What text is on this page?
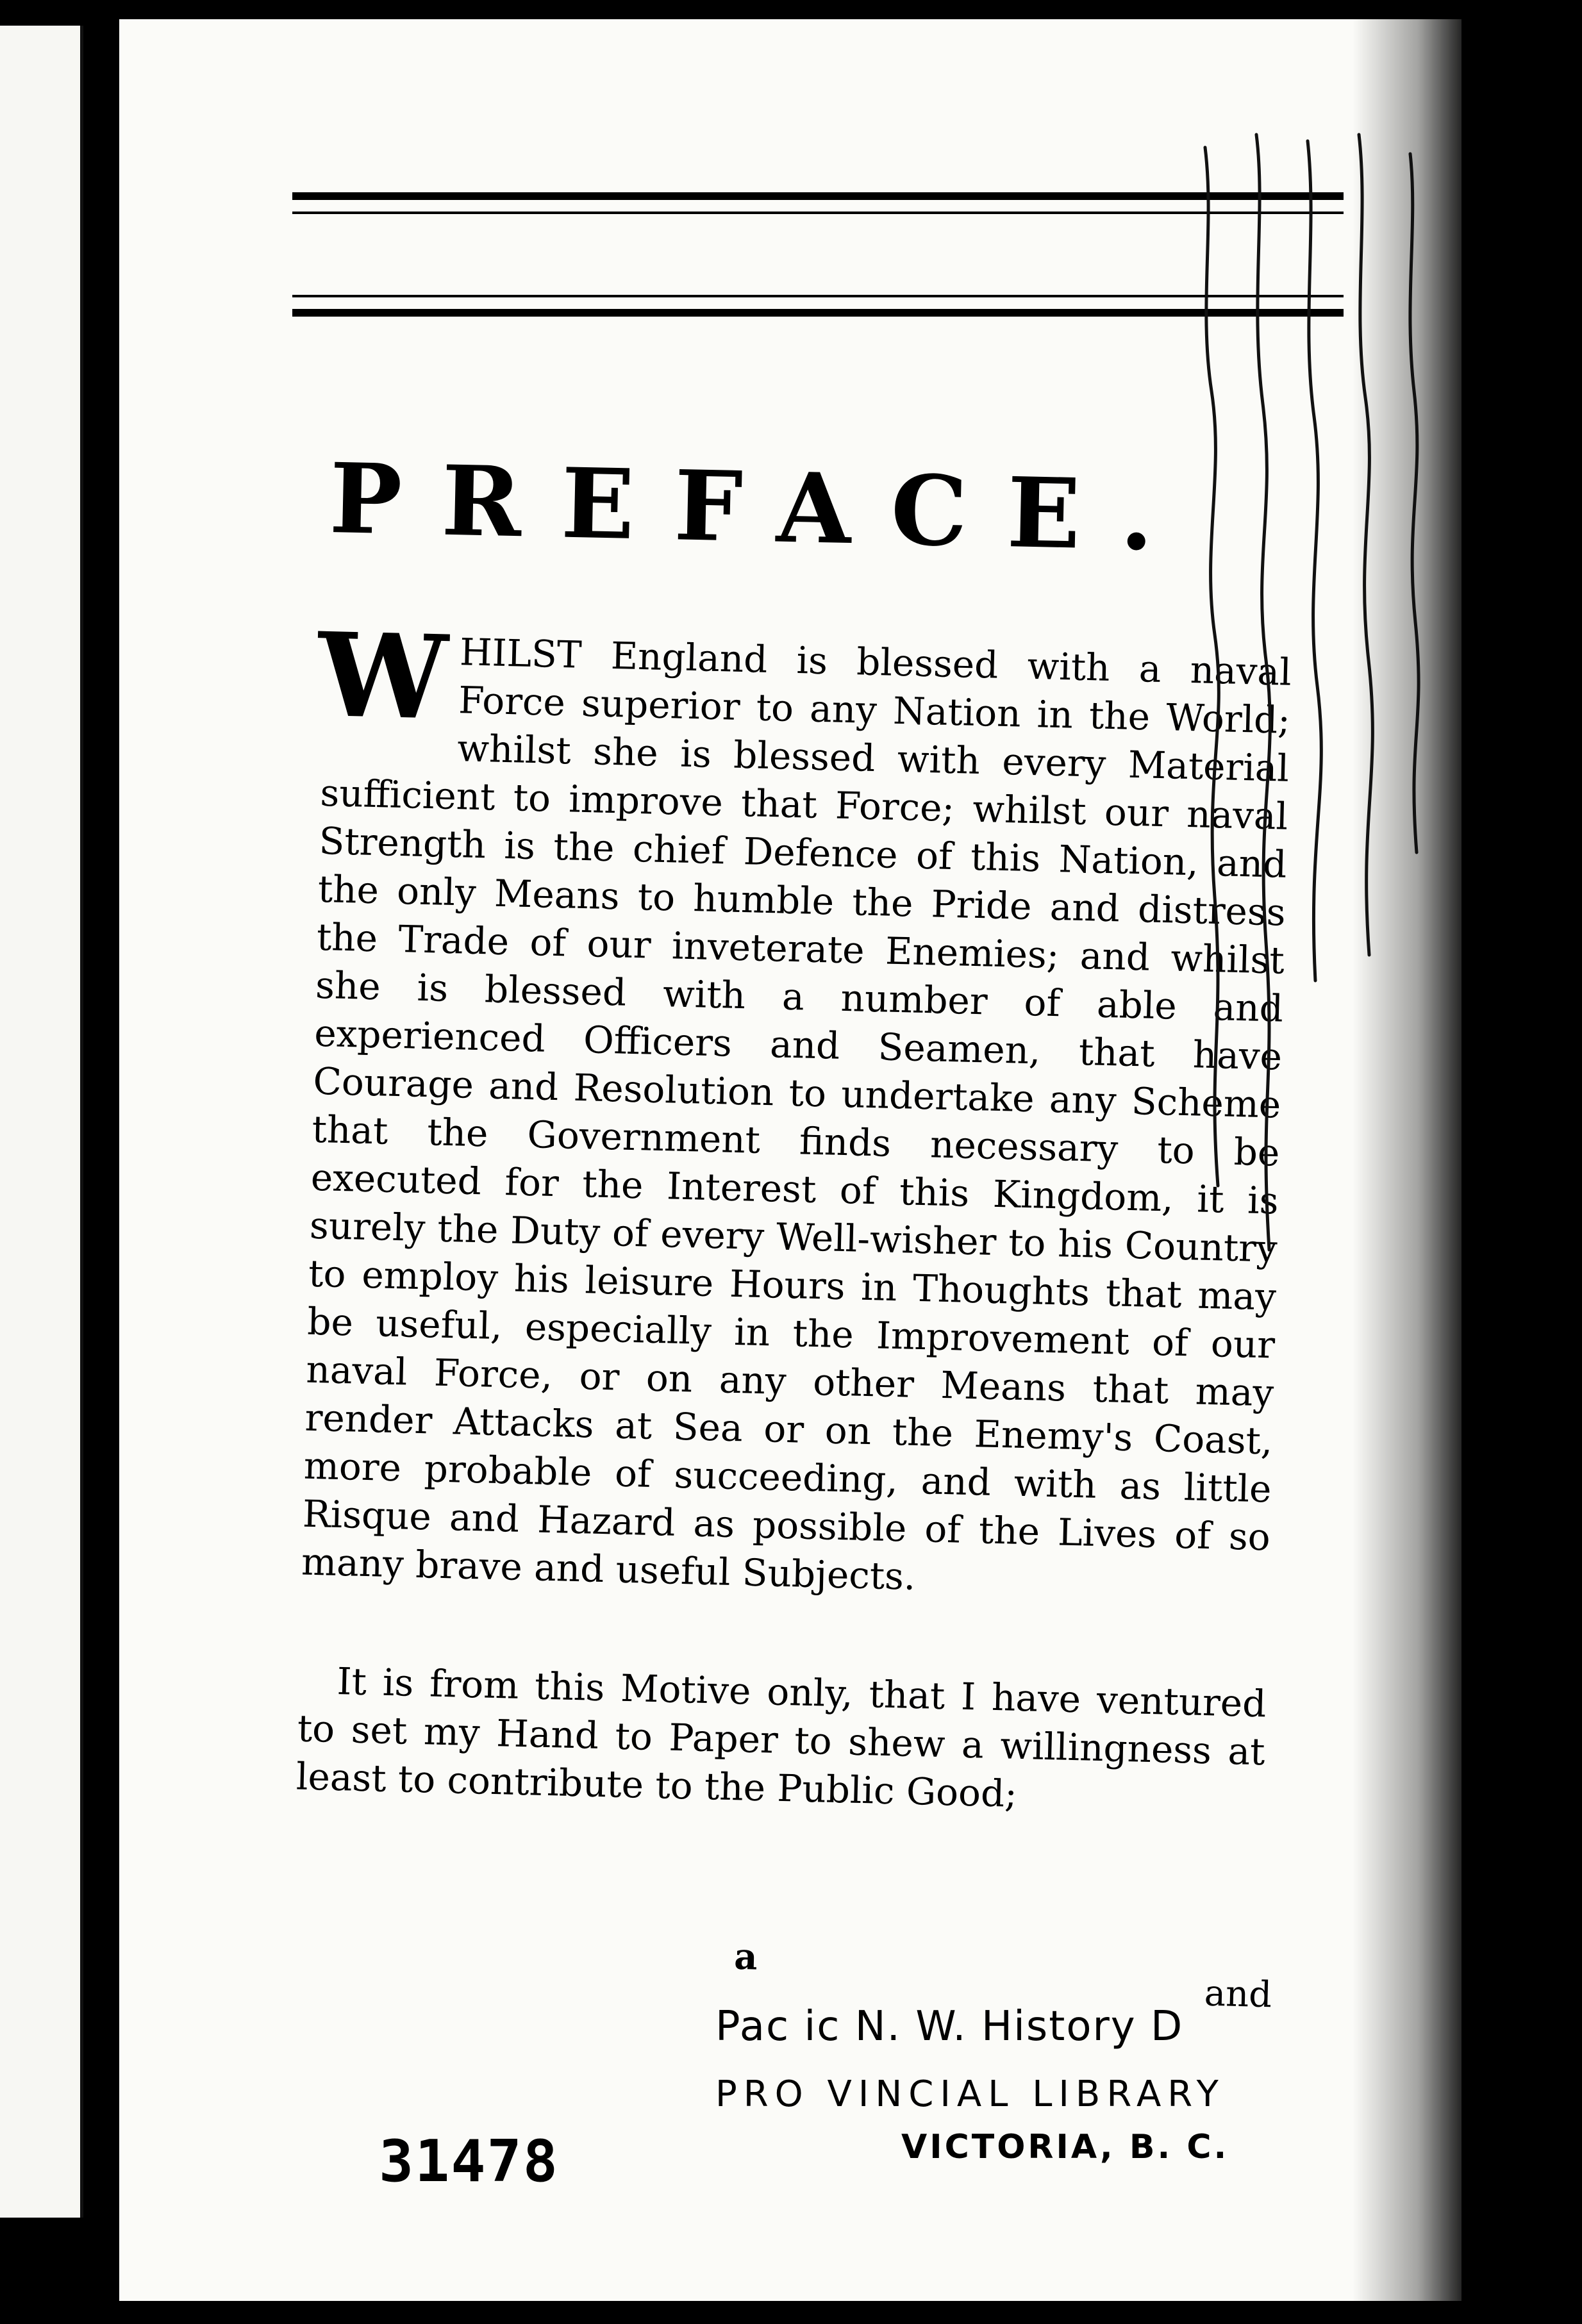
PREFACE.

WHILST England is blessed with a naval Force superior to any Nation in the World; whilst she is blessed with every Material sufficient to improve that Force; whilst our naval Strength is the chief Defence of this Nation, and the only Means to humble the Pride and distress the Trade of our inveterate Enemies; and whilst she is blessed with a number of able and experienced Officers and Seamen, that have Courage and Resolution to undertake any Scheme that the Government finds necessary to be executed for the Interest of this Kingdom, it is surely the Duty of every Well-wisher to his Country to employ his leisure Hours in Thoughts that may be useful, especially in the Improvement of our naval Force, or on any other Means that may render Attacks at Sea or on the Enemy's Coast, more probable of succeeding, and with as little Risque and Hazard as possible of the Lives of so many brave and useful Subjects.

It is from this Motive only, that I have ventured to set my Hand to Paper to shew a willingness at least to contribute to the Public Good;

a
and
Pac ic N. W. History D
PRO VINCIAL LIBRARY
VICTORIA, B. C.
31478
